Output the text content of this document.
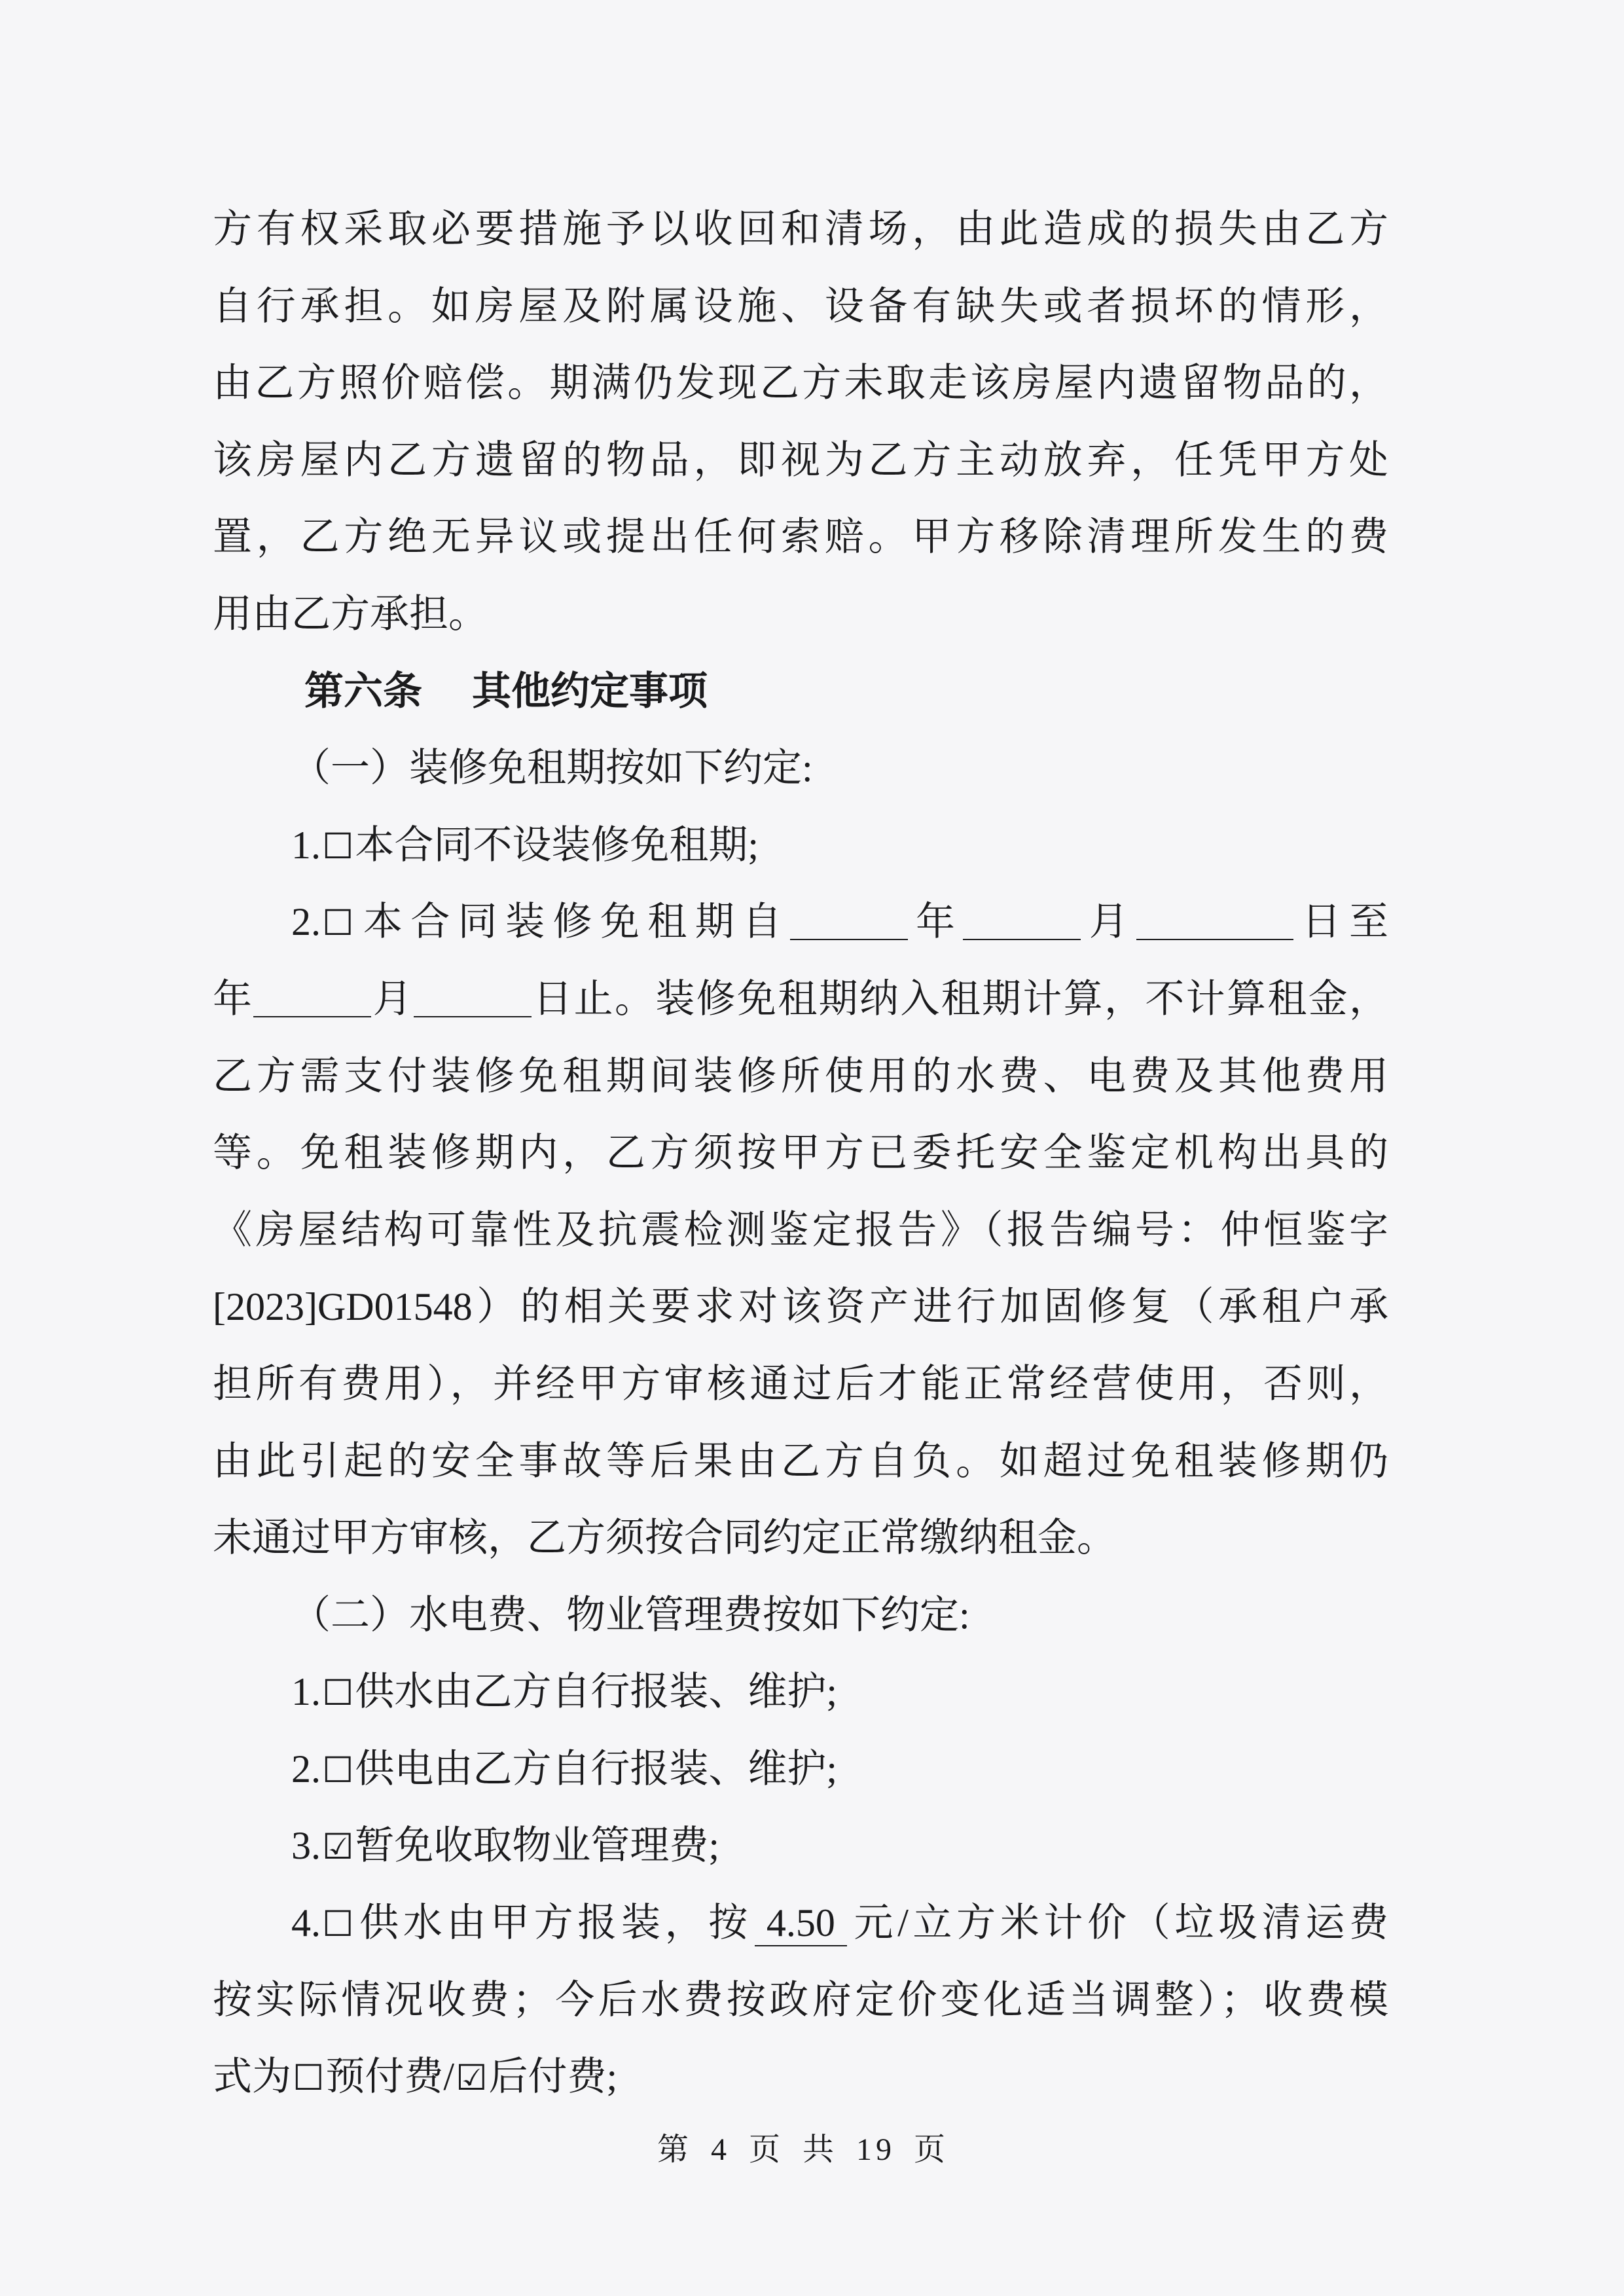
方有权采取必要措施予以收回和清场，由此造成的损失由乙方
自行承担。如房屋及附属设施、设备有缺失或者损坏的情形，
由乙方照价赔偿。期满仍发现乙方未取走该房屋内遗留物品的，
该房屋内乙方遗留的物品，即视为乙方主动放弃，任凭甲方处
置，乙方绝无异议或提出任何索赔。甲方移除清理所发生的费
用由乙方承担。
第六条 其他约定事项
（一）装修免租期按如下约定:
1.☐本合同不设装修免租期;
2.☐本合同装修免租期自	年	月	日至
年	月	日止。装修免租期纳入租期计算，不计算租金，
乙方需支付装修免租期间装修所使用的水费、电费及其他费用
等。免租装修期内，乙方须按甲方已委托安全鉴定机构出具的
《房屋结构可靠性及抗震检测鉴定报告》（报告编号：仲恒鉴字
[2023]GD01548）的相关要求对该资产进行加固修复（承租户承
担所有费用），并经甲方审核通过后才能正常经营使用，否则，
由此引起的安全事故等后果由乙方自负。如超过免租装修期仍
未通过甲方审核，乙方须按合同约定正常缴纳租金。
（二）水电费、物业管理费按如下约定:
1.☐供水由乙方自行报装、维护;
2.☐供电由乙方自行报装、维护;
3.☑暂免收取物业管理费;
4.☐供水由甲方报装，按 4.50 元/立方米计价（垃圾清运费
按实际情况收费；今后水费按政府定价变化适当调整）；收费模
式为☐预付费/☑后付费;
第 4 页 共 19 页
